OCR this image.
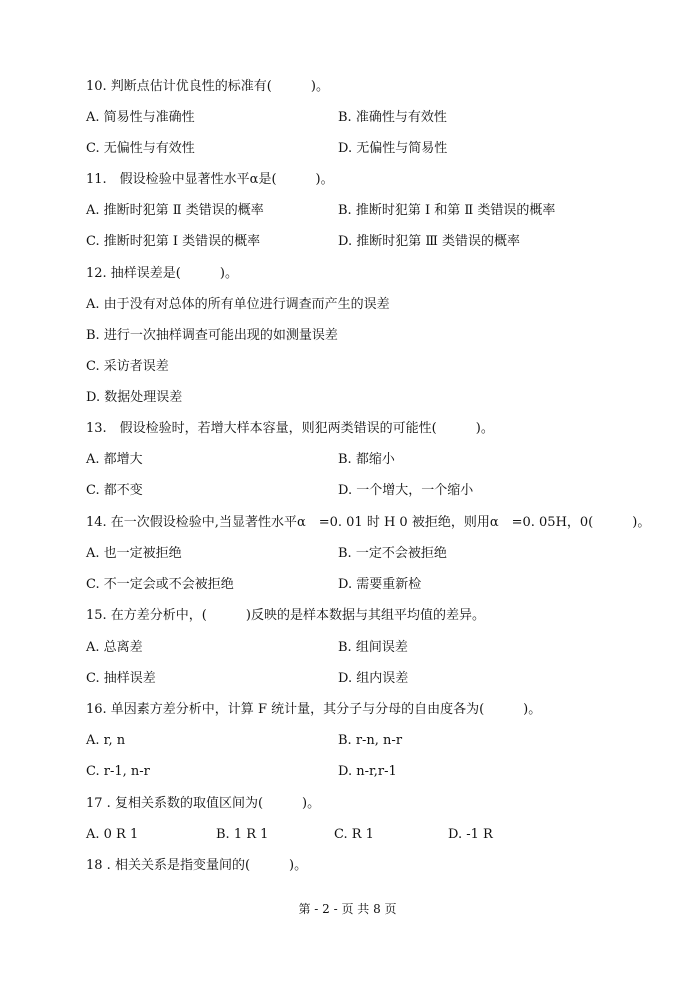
10. 判断点估计优良性的标准有(　　　)。
A. 简易性与准确性	B. 准确性与有效性
C. 无偏性与有效性	D. 无偏性与简易性
11.　假设检验中显著性水平α是(　　　)。
A. 推断时犯第 Ⅱ 类错误的概率	B. 推断时犯第 Ⅰ 和第 Ⅱ 类错误的概率
C. 推断时犯第 Ⅰ 类错误的概率	D. 推断时犯第 Ⅲ 类错误的概率
12. 抽样误差是(　　　)。
A. 由于没有对总体的所有单位进行调查而产生的误差
B. 进行一次抽样调查可能出现的如测量误差
C. 采访者误差
D. 数据处理误差
13.　假设检验时，若增大样本容量，则犯两类错误的可能性(　　　)。
A. 都增大	B. 都缩小
C. 都不变	D. 一个增大，一个缩小
14. 在一次假设检验中,当显著性水平α　=0. 01 时 H 0 被拒绝，则用α　=0. 05H，0(　　　)。
A. 也一定被拒绝	B. 一定不会被拒绝
C. 不一定会或不会被拒绝	D. 需要重新检
15. 在方差分析中，(　　　)反映的是样本数据与其组平均值的差异。
A. 总离差	B. 组间误差
C. 抽样误差	D. 组内误差
16. 单因素方差分析中，计算 F 统计量，其分子与分母的自由度各为(　　　)。
A. r, n	B. r-n, n-r
C. r-1, n-r	D. n-r,r-1
17 . 复相关系数的取值区间为(　　　)。
A. 0 R 1	B. 1 R 1	C. R 1	D. -1 R
18 . 相关关系是指变量间的(　　　)。
第 - 2 - 页 共 8 页
